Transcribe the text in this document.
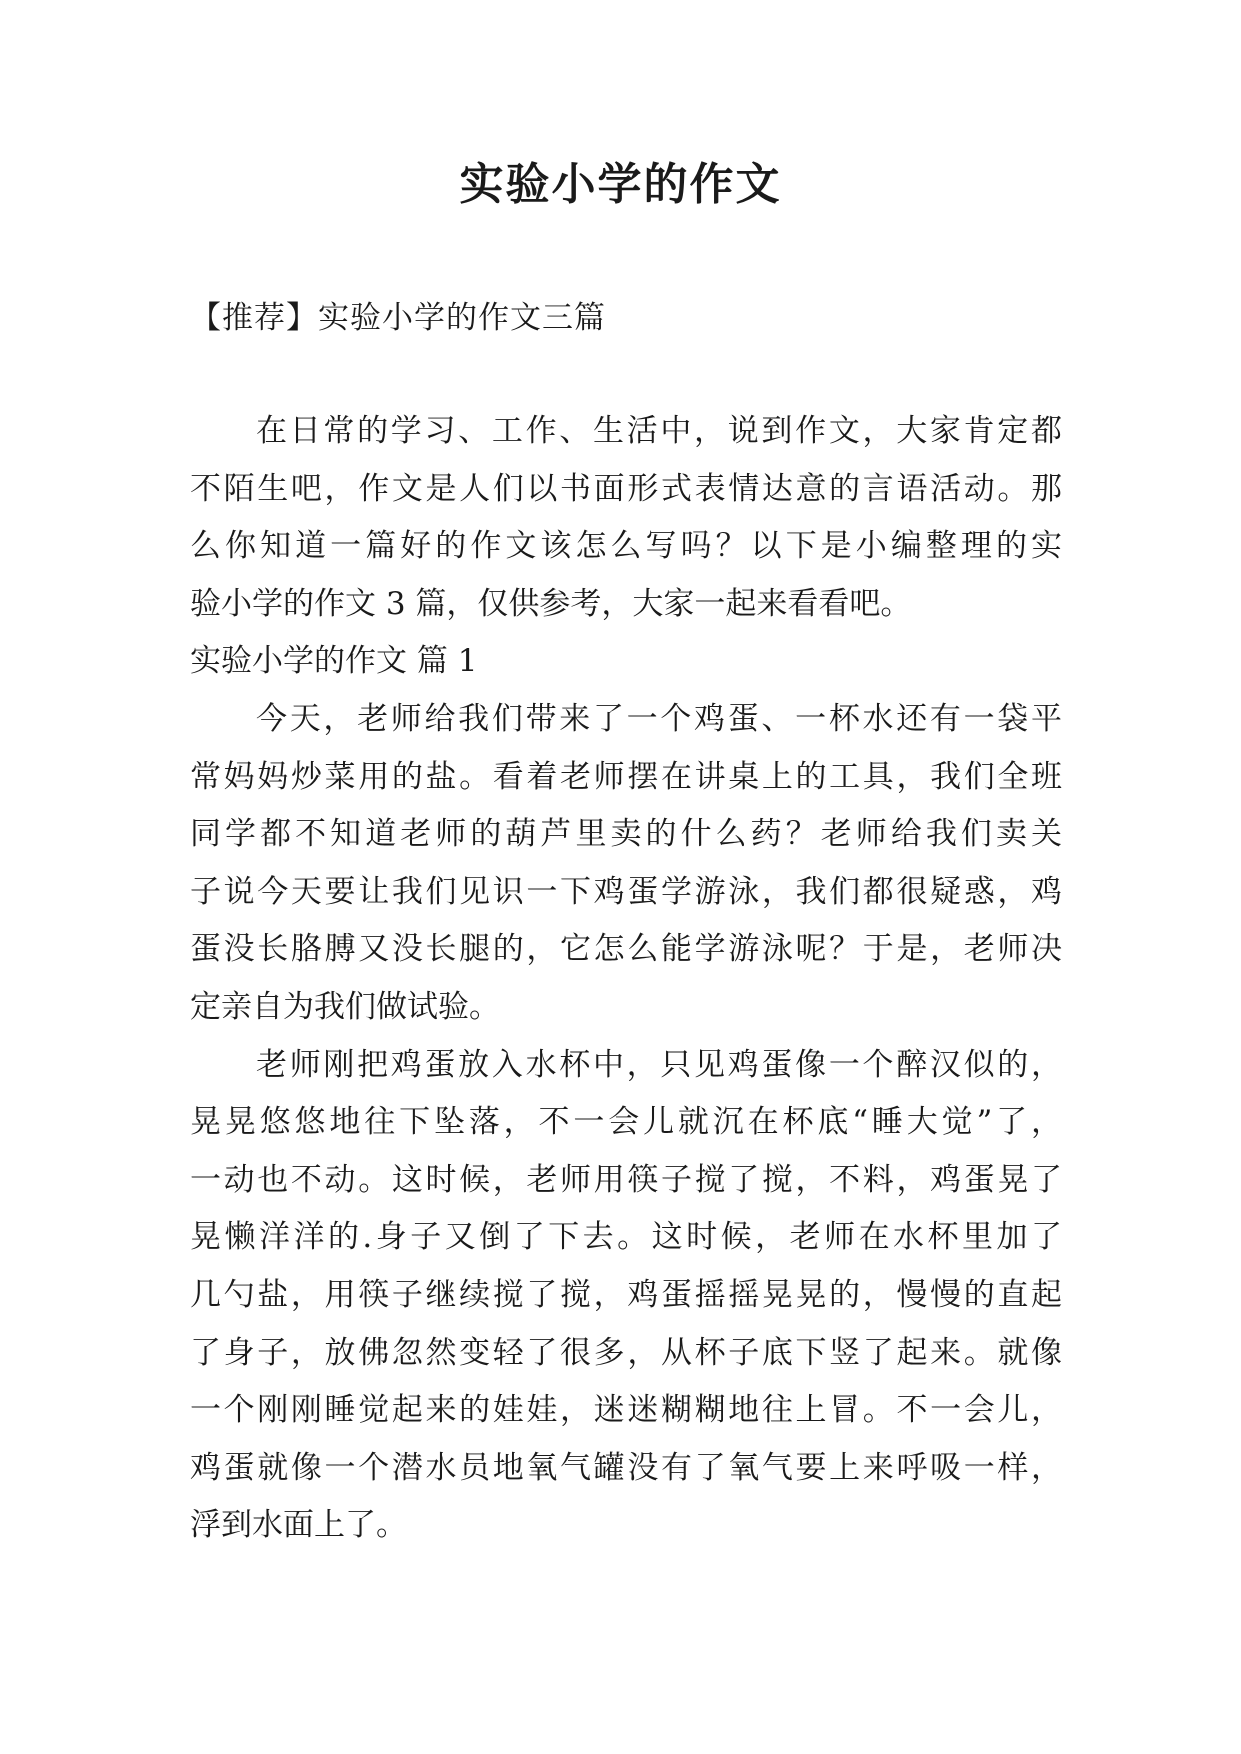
实验小学的作文
【推荐】实验小学的作文三篇
在日常的学习、工作、生活中，说到作文，大家肯定都
不陌生吧，作文是人们以书面形式表情达意的言语活动。那
么你知道一篇好的作文该怎么写吗？以下是小编整理的实
验小学的作文 3 篇，仅供参考，大家一起来看看吧。
实验小学的作文 篇 1
今天，老师给我们带来了一个鸡蛋、一杯水还有一袋平
常妈妈炒菜用的盐。看着老师摆在讲桌上的工具，我们全班
同学都不知道老师的葫芦里卖的什么药？老师给我们卖关
子说今天要让我们见识一下鸡蛋学游泳，我们都很疑惑，鸡
蛋没长胳膊又没长腿的，它怎么能学游泳呢？于是，老师决
定亲自为我们做试验。
老师刚把鸡蛋放入水杯中，只见鸡蛋像一个醉汉似的，
晃晃悠悠地往下坠落，不一会儿就沉在杯底“睡大觉”了，
一动也不动。这时候，老师用筷子搅了搅，不料，鸡蛋晃了
晃懒洋洋的.身子又倒了下去。这时候，老师在水杯里加了
几勺盐，用筷子继续搅了搅，鸡蛋摇摇晃晃的，慢慢的直起
了身子，放佛忽然变轻了很多，从杯子底下竖了起来。就像
一个刚刚睡觉起来的娃娃，迷迷糊糊地往上冒。不一会儿，
鸡蛋就像一个潜水员地氧气罐没有了氧气要上来呼吸一样，
浮到水面上了。
